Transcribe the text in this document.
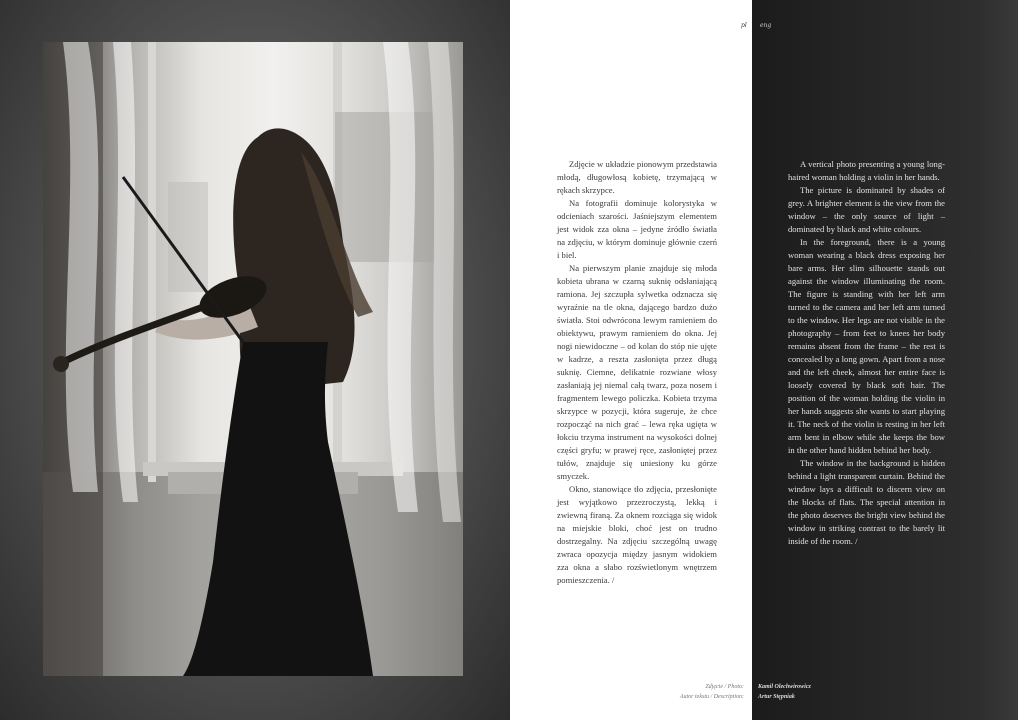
pl eng

Zdjęcie w układzie pionowym przedstawia młodą, długowłosą kobietę, trzymającą w rękach skrzypce.

Na fotografii dominuje kolorystyka w odcieniach szarości. Jaśniejszym elementem jest widok zza okna – jedyne źródło światła na zdjęciu, w którym dominuje głównie czerń i biel.

Na pierwszym planie znajduje się młoda kobieta ubrana w czarną suknię odsłaniającą ramiona. Jej szczupła sylwetka odznacza się wyraźnie na tle okna, dającego bardzo dużo światła. Stoi odwrócona lewym ramieniem do obiektywu, prawym ramieniem do okna. Jej nogi niewidoczne – od kolan do stóp nie ujęte w kadrze, a reszta zasłonięta przez długą suknię. Ciemne, delikatnie rozwiane włosy zasłaniają jej niemal całą twarz, poza nosem i fragmentem lewego policzka. Kobieta trzyma skrzypce w pozycji, która sugeruje, że chce rozpocząć na nich grać – lewa ręka ugięta w łokciu trzyma instrument na wysokości dolnej części gryfu; w prawej ręce, zasłoniętej przez tułów, znajduje się uniesiony ku górze smyczek.

Okno, stanowiące tło zdjęcia, przesłonięte jest wyjątkowo przezroczystą, lekką i zwiewną firaną. Za oknem rozciąga się widok na miejskie bloki, choć jest on trudno dostrzegalny. Na zdjęciu szczególną uwagę zwraca opozycja między jasnym widokiem zza okna a słabo rozświetlonym wnętrzem pomieszczenia. /

A vertical photo presenting a young long-haired woman holding a violin in her hands.

The picture is dominated by shades of grey. A brighter element is the view from the window – the only source of light – dominated by black and white colours.

In the foreground, there is a young woman wearing a black dress exposing her bare arms. Her slim silhouette stands out against the window illuminating the room. The figure is standing with her left arm turned to the camera and her left arm turned to the window. Her legs are not visible in the photography – from feet to knees her body remains absent from the frame – the rest is concealed by a long gown. Apart from a nose and the left cheek, almost her entire face is loosely covered by black soft hair. The position of the woman holding the violin in her hands suggests she wants to start playing it. The neck of the violin is resting in her left arm bent in elbow while she keeps the bow in the other hand hidden behind her body.

The window in the background is hidden behind a light transparent curtain. Behind the window lays a difficult to discern view on the blocks of flats. The special attention in the photo deserves the bright view behind the window in striking contrast to the barely lit inside of the room. /

Zdjęcie / Photo:
Autor tekstu / Description:
Kamil Olechwirowicz
Artur Stępniak
